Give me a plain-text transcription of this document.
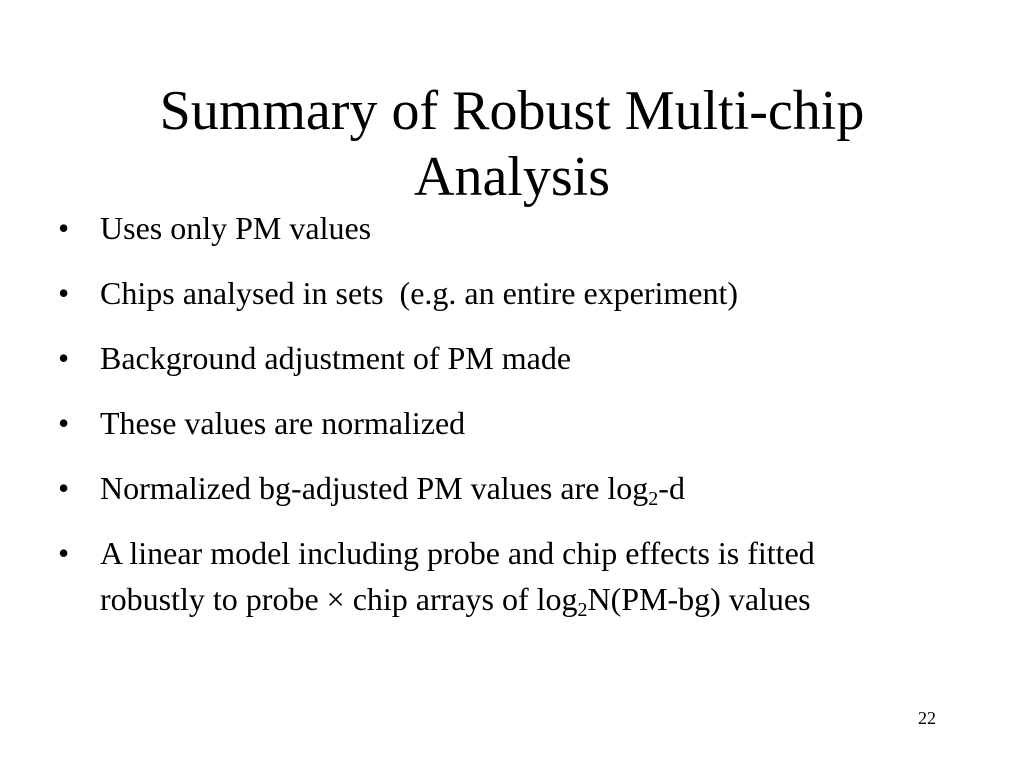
Summary of Robust Multi-chip
Analysis
• Uses only PM values
• Chips analysed in sets  (e.g. an entire experiment)
• Background adjustment of PM made
• These values are normalized
• Normalized bg-adjusted PM values are $\log_2-d$
• A linear model including probe and chip effects is fitted
robustly to probe × chip arrays of $\log_2N(PM-bg)$ values
22
